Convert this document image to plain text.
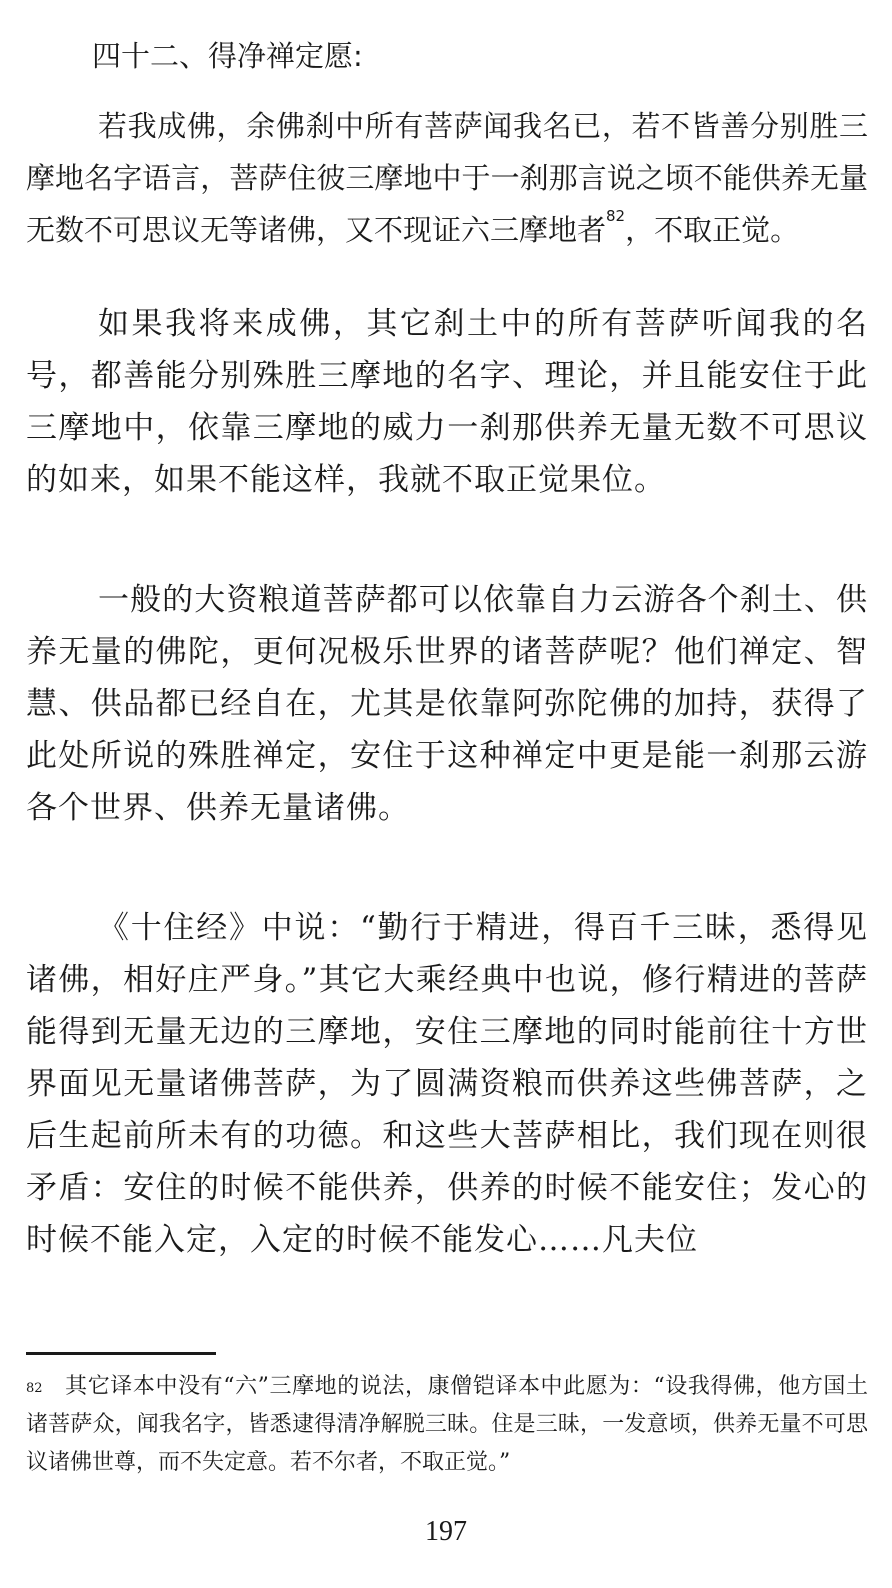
四十二、得净禅定愿:

若我成佛，余佛刹中所有菩萨闻我名已，若不皆善分别胜三摩地名字语言，菩萨住彼三摩地中于一刹那言说之顷不能供养无量无数不可思议无等诸佛，又不现证六三摩地者$^{82}$，不取正觉。

如果我将来成佛，其它刹土中的所有菩萨听闻我的名号，都善能分别殊胜三摩地的名字、理论，并且能安住于此三摩地中，依靠三摩地的威力一刹那供养无量无数不可思议的如来，如果不能这样，我就不取正觉果位。

一般的大资粮道菩萨都可以依靠自力云游各个刹土、供养无量的佛陀，更何况极乐世界的诸菩萨呢？他们禅定、智慧、供品都已经自在，尤其是依靠阿弥陀佛的加持，获得了此处所说的殊胜禅定，安住于这种禅定中更是能一刹那云游各个世界、供养无量诸佛。

《十住经》中说：“勤行于精进，得百千三昧，悉得见诸佛，相好庄严身。”其它大乘经典中也说，修行精进的菩萨能得到无量无边的三摩地，安住三摩地的同时能前往十方世界面见无量诸佛菩萨，为了圆满资粮而供养这些佛菩萨，之后生起前所未有的功德。和这些大菩萨相比，我们现在则很矛盾：安住的时候不能供养，供养的时候不能安住；发心的时候不能入定，入定的时候不能发心……凡夫位

$^{82}$ 其它译本中没有“六”三摩地的说法，康僧铠译本中此愿为：“设我得佛，他方国土诸菩萨众，闻我名字，皆悉逮得清净解脱三昧。住是三昧，一发意顷，供养无量不可思议诸佛世尊，而不失定意。若不尔者，不取正觉。”

197
